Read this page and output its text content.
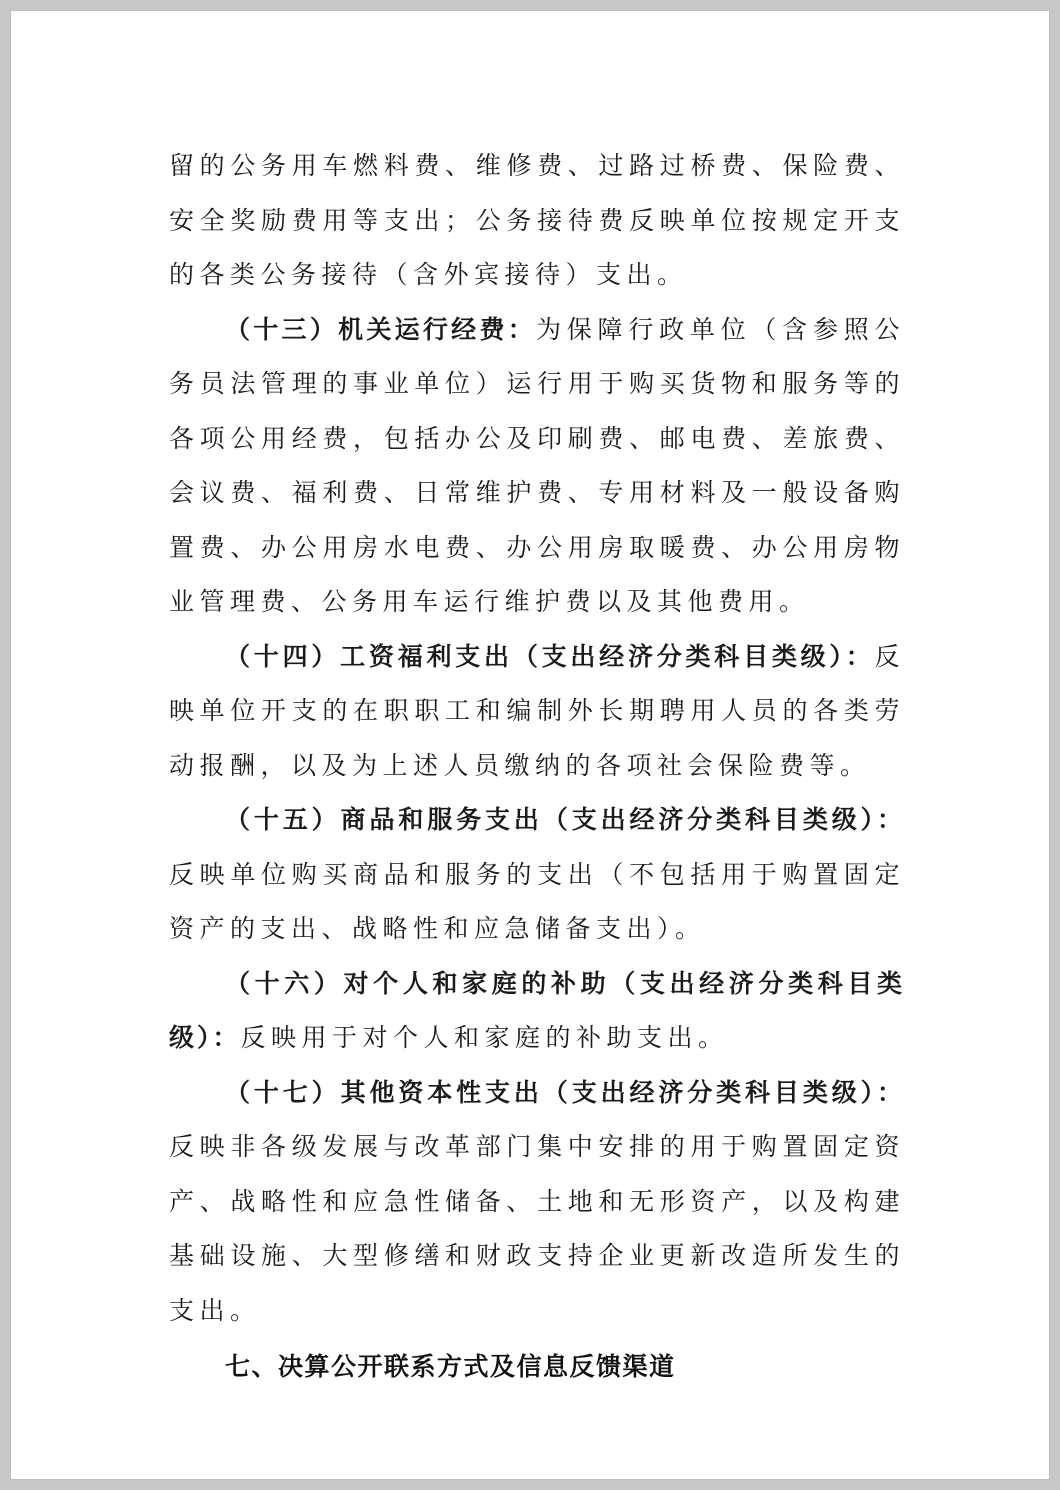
留的公务用车燃料费、维修费、过路过桥费、保险费、安全奖励费用等支出；公务接待费反映单位按规定开支的各类公务接待（含外宾接待）支出。

（十三）机关运行经费：为保障行政单位（含参照公务员法管理的事业单位）运行用于购买货物和服务等的各项公用经费，包括办公及印刷费、邮电费、差旅费、会议费、福利费、日常维护费、专用材料及一般设备购置费、办公用房水电费、办公用房取暖费、办公用房物业管理费、公务用车运行维护费以及其他费用。

（十四）工资福利支出（支出经济分类科目类级）：反映单位开支的在职职工和编制外长期聘用人员的各类劳动报酬，以及为上述人员缴纳的各项社会保险费等。

（十五）商品和服务支出（支出经济分类科目类级）：反映单位购买商品和服务的支出（不包括用于购置固定资产的支出、战略性和应急储备支出）。

（十六）对个人和家庭的补助（支出经济分类科目类级）：反映用于对个人和家庭的补助支出。

（十七）其他资本性支出（支出经济分类科目类级）：反映非各级发展与改革部门集中安排的用于购置固定资产、战略性和应急性储备、土地和无形资产，以及构建基础设施、大型修缮和财政支持企业更新改造所发生的支出。

七、决算公开联系方式及信息反馈渠道
